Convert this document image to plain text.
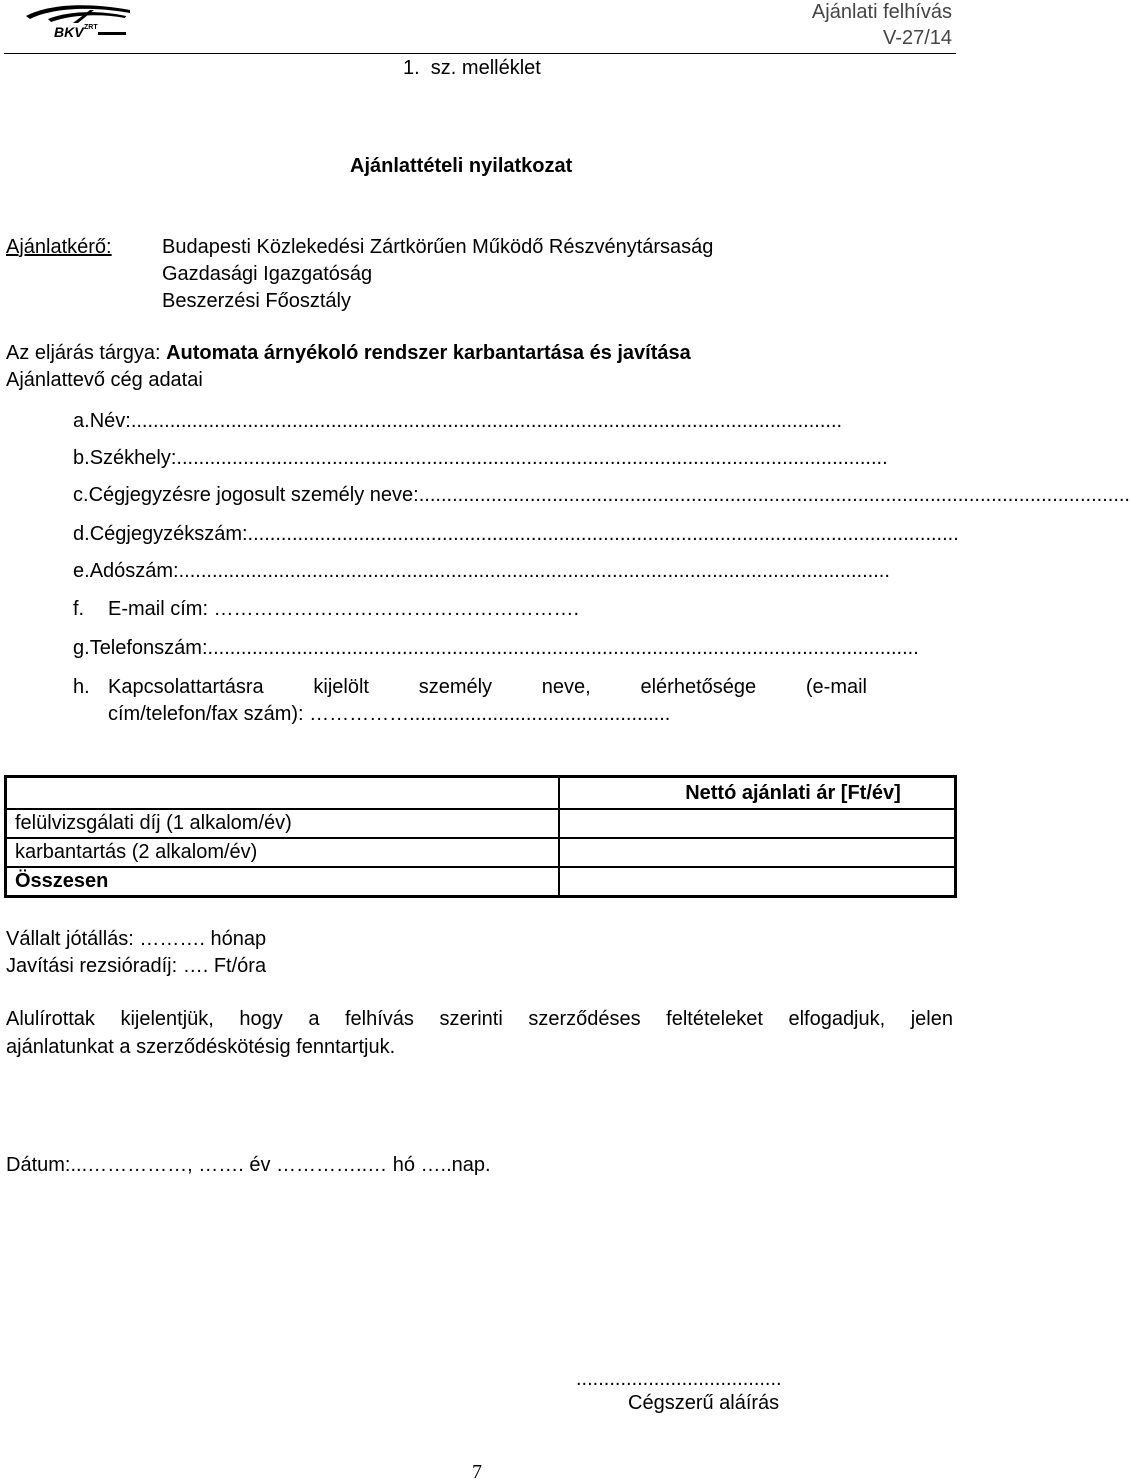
BKV ZRT
Ajánlati felhívás
V-27/14
1.  sz. melléklet
Ajánlattételi nyilatkozat
Ajánlatkérő:	Budapesti Közlekedési Zártkörűen Működő Részvénytársaság
Gazdasági Igazgatóság
Beszerzési Főosztály
Az eljárás tárgya: Automata árnyékoló rendszer karbantartása és javítása
Ajánlattevő cég adatai
a. Név: ................................................................................................................................
b. Székhely: ................................................................................................................................
c. Cégjegyzésre jogosult személy neve: ................................................................................................................................
d. Cégjegyzékszám: ................................................................................................................................
e. Adószám: ................................................................................................................................
f.	E-mail cím: ……………………………………………….
g. Telefonszám: ................................................................................................................................
h. Kapcsolattartásra kijelölt személy neve, elérhetősége (e-mail
cím/telefon/fax szám): ……………...............................................
	Nettó ajánlati ár [Ft/év]
felülvizsgálati díj (1 alkalom/év)	
karbantartás (2 alkalom/év)	
Összesen	
Vállalt jótállás: ………. hónap
Javítási rezsióradíj: …. Ft/óra
Alulírottak kijelentjük, hogy a felhívás szerinti szerződéses feltételeket elfogadjuk, jelen
ajánlatunkat a szerződéskötésig fenntartjuk.
Dátum:...……………, ……. év …………..… hó …..nap.
.....................................
Cégszerű aláírás
7
